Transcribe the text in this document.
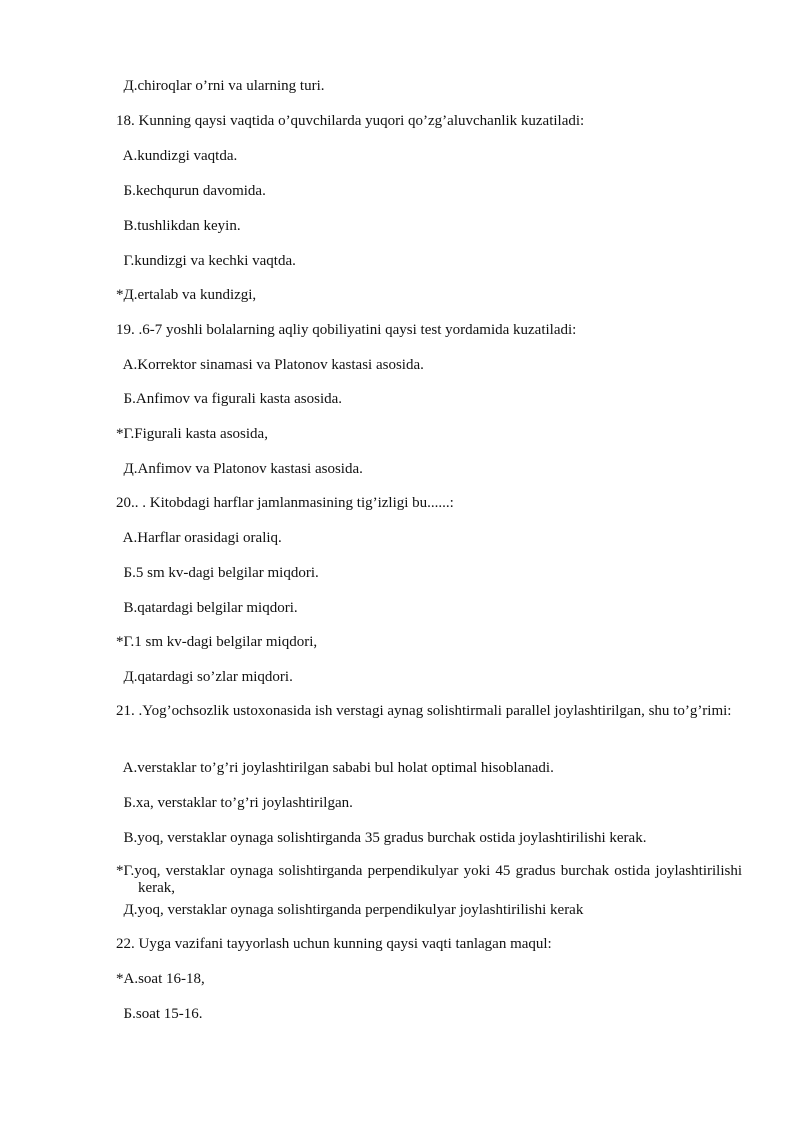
Д.chiroqlar o’rni va ularning turi.
18. Kunning qaysi vaqtida o’quvchilarda yuqori qo’zg’aluvchanlik kuzatiladi:
A.kundizgi vaqtda.
Б.kechqurun davomida.
B.tushlikdan keyin.
Г.kundizgi va kechki vaqtda.
*Д.ertalab va kundizgi,
19. .6-7 yoshli bolalarning aqliy qobiliyatini qaysi test yordamida kuzatiladi:
A.Korrektor sinamasi va Platonov kastasi asosida.
Б.Anfimov va figurali kasta asosida.
*Г.Figurali kasta asosida,
Д.Anfimov va Platonov kastasi asosida.
20.. . Kitobdagi harflar jamlanmasining tig’izligi bu......:
A.Harflar orasidagi oraliq.
Б.5 sm kv-dagi belgilar miqdori.
B.qatardagi belgilar miqdori.
*Г.1 sm kv-dagi belgilar miqdori,
Д.qatardagi so’zlar miqdori.
21. .Yog’ochsozlik ustoxonasida ish verstagi aynag solishtirmali parallel joylashtirilgan, shu to’g’rimi:
A.verstaklar to’g’ri joylashtirilgan sababi bul holat optimal hisoblanadi.
Б.xa, verstaklar to’g’ri joylashtirilgan.
B.yoq, verstaklar oynaga solishtirganda 35 gradus burchak ostida joylashtirilishi kerak.
*Г.yoq, verstaklar oynaga solishtirganda perpendikulyar yoki 45 gradus burchak ostida joylashtirilishi kerak,
Д.yoq, verstaklar oynaga solishtirganda perpendikulyar joylashtirilishi kerak
22. Uyga vazifani tayyorlash uchun kunning qaysi vaqti tanlagan maqul:
*A.soat 16-18,
Б.soat 15-16.
